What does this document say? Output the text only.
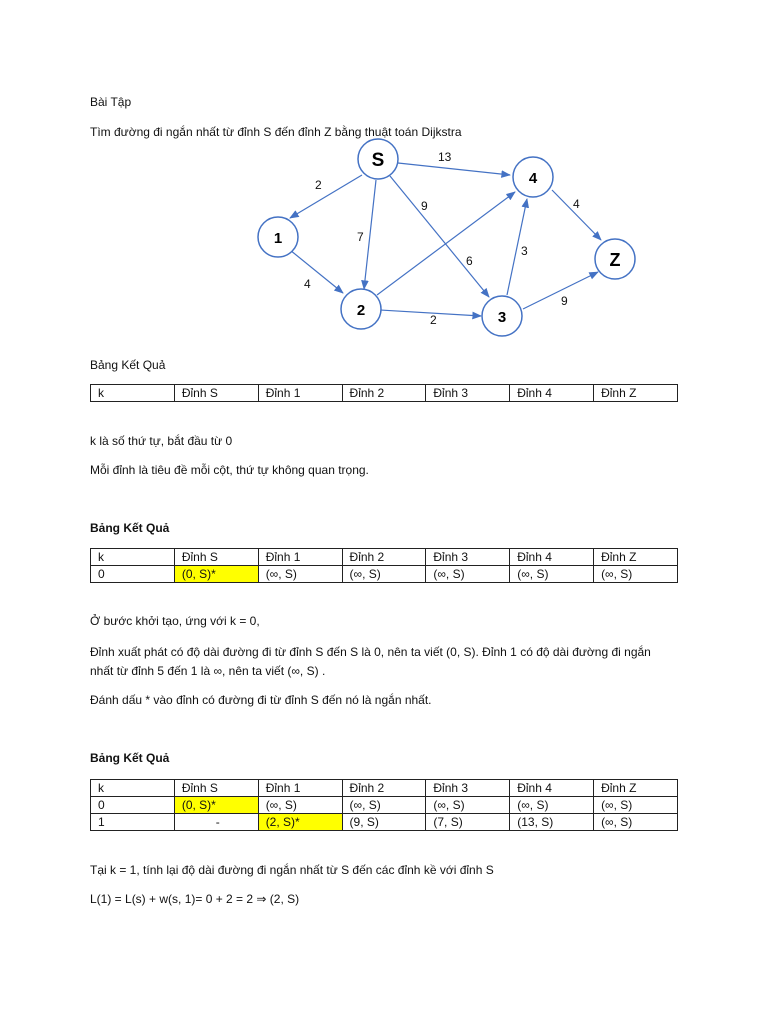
Bài Tập
Tìm đường đi ngắn nhất từ đỉnh S đến đỉnh Z bằng thuật toán Dijkstra
2
13
7
9
4
6
2
3
4
9
S
1
2	3
4
Z
Bảng Kết Quả
k	Đỉnh S	Đỉnh 1	Đỉnh 2	Đỉnh 3	Đỉnh 4	Đỉnh Z
k là số thứ tự, bắt đầu từ 0
Mỗi đỉnh là tiêu đề mỗi cột, thứ tự không quan trọng.
Bảng Kết Quả
k	Đỉnh S	Đỉnh 1	Đỉnh 2	Đỉnh 3	Đỉnh 4	Đỉnh Z
0	(0, S)*	(∞, S)	(∞, S)	(∞, S)	(∞, S)	(∞, S)
Ở bước khởi tạo, ứng với k = 0,
Đỉnh xuất phát có độ dài đường đi từ đỉnh S đến S là 0, nên ta viết (0, S). Đỉnh 1 có độ dài đường đi ngắn
nhất từ đỉnh 5 đến 1 là ∞, nên ta viết (∞, S) .
Đánh dấu * vào đỉnh có đường đi từ đỉnh S đến nó là ngắn nhất.
Bảng Kết Quả
k	Đỉnh S	Đỉnh 1	Đỉnh 2	Đỉnh 3	Đỉnh 4	Đỉnh Z
0	(0, S)*	(∞, S)	(∞, S)	(∞, S)	(∞, S)	(∞, S)
1	-	(2, S)*	(9, S)	(7, S)	(13, S)	(∞, S)
Tại k = 1, tính lại độ dài đường đi ngắn nhất từ S đến các đỉnh kề với đỉnh S
L(1) = L(s) + w(s, 1)= 0 + 2 = 2 ⇒ (2, S)
